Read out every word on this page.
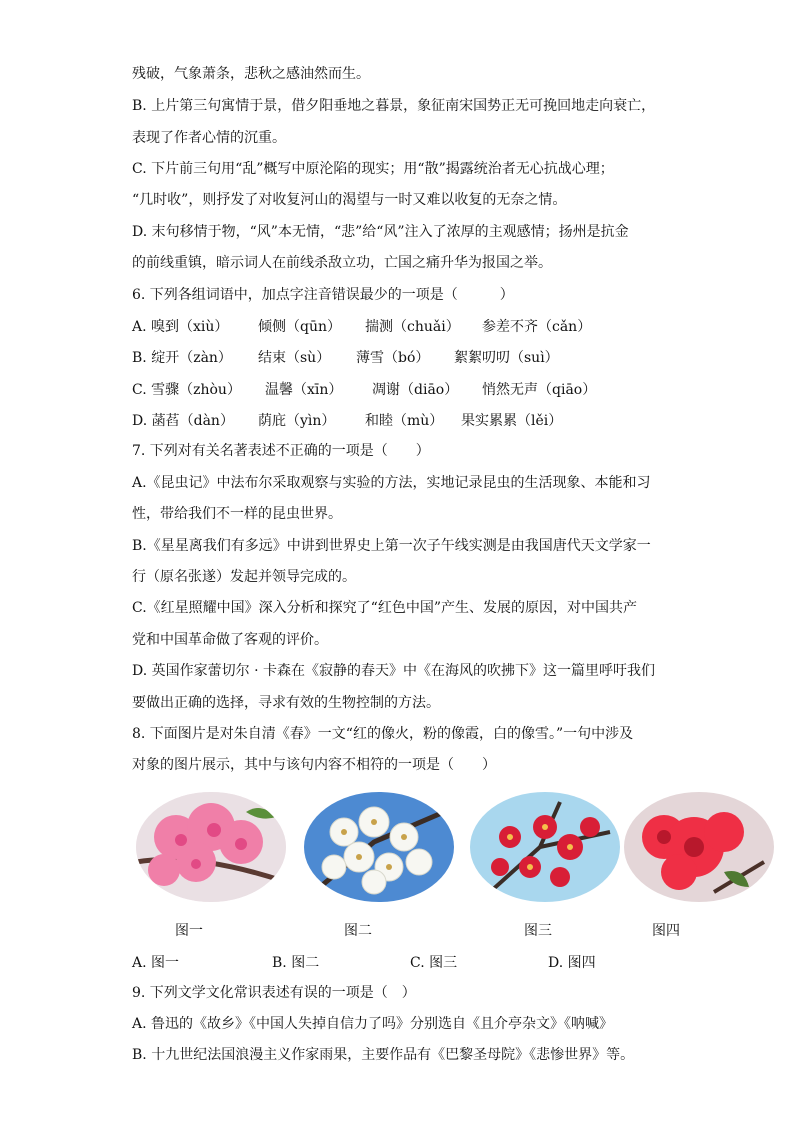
残破，气象萧条，悲秋之感油然而生。
B. 上片第三句寓情于景，借夕阳垂地之暮景，象征南宋国势正无可挽回地走向衰亡，
表现了作者心情的沉重。
C. 下片前三句用“乱”概写中原沦陷的现实；用“散”揭露统治者无心抗战心理；
“几时收”，则抒发了对收复河山的渴望与一时又难以收复的无奈之情。
D. 末句移情于物，“风”本无情，“悲”给“风”注入了浓厚的主观感情；扬州是抗金
的前线重镇，暗示词人在前线杀敌立功，亡国之痛升华为报国之举。
6. 下列各组词语中，加点字注音错误最少的一项是（　　　）
A. 嗅到（xiù） 倾侧（qūn） 揣测（chuǎi） 参差不齐（cǎn）
B. 绽开（zàn） 结束（sù） 薄雪（bó） 絮絮叨叨（suì）
C. 雪骤（zhòu） 温馨（xīn） 凋谢（diāo） 悄然无声（qiāo）
D. 菡萏（dàn） 荫庇（yìn） 和睦（mù） 果实累累（lěi）
7. 下列对有关名著表述不正确的一项是（　　）
A.《昆虫记》中法布尔采取观察与实验的方法，实地记录昆虫的生活现象、本能和习
性，带给我们不一样的昆虫世界。
B.《星星离我们有多远》中讲到世界史上第一次子午线实测是由我国唐代天文学家一
行（原名张遂）发起并领导完成的。
C.《红星照耀中国》深入分析和探究了“红色中国”产生、发展的原因，对中国共产
党和中国革命做了客观的评价。
D. 英国作家蕾切尔 · 卡森在《寂静的春天》中《在海风的吹拂下》这一篇里呼吁我们
要做出正确的选择，寻求有效的生物控制的方法。
8. 下面图片是对朱自清《春》一文“红的像火，粉的像霞，白的像雪。”一句中涉及
对象的图片展示，其中与该句内容不相符的一项是（　　）
图一	图二	图三	图四
A. 图一	B. 图二	C. 图三	D. 图四
9. 下列文学文化常识表述有误的一项是（　）
A. 鲁迅的《故乡》《中国人失掉自信力了吗》分别选自《且介亭杂文》《呐喊》
B. 十九世纪法国浪漫主义作家雨果，主要作品有《巴黎圣母院》《悲惨世界》等。
